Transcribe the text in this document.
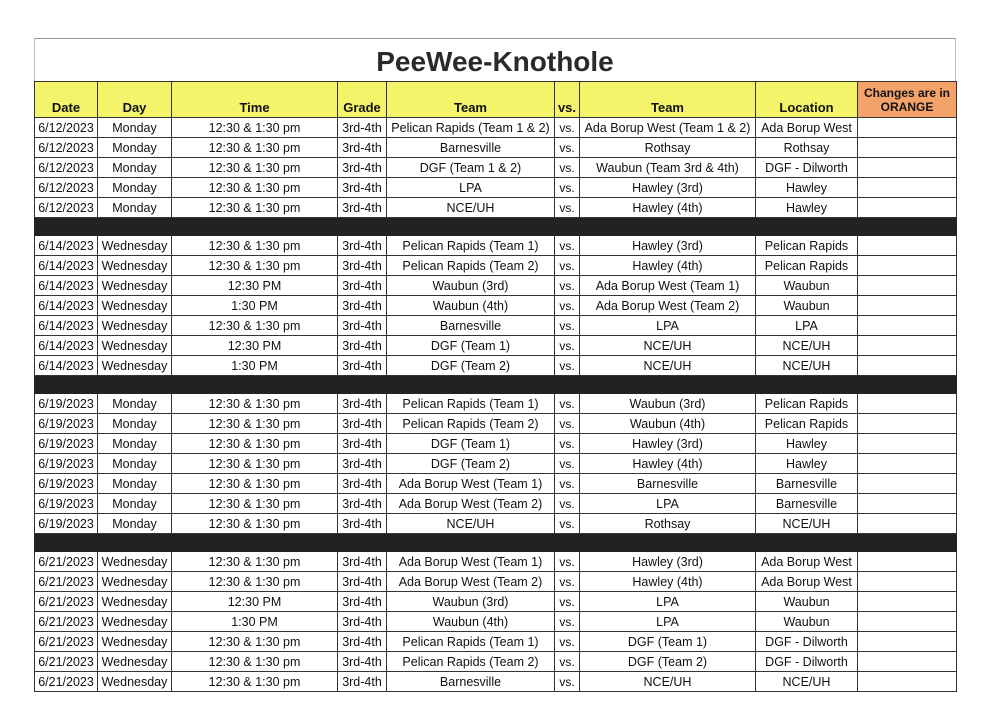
PeeWee-Knothole
Date	Day	Time	Grade	Team	vs.	Team	Location	Changes are in
ORANGE
6/12/2023	Monday	12:30 & 1:30 pm	3rd-4th	Pelican Rapids (Team 1 & 2)	vs.	Ada Borup West (Team 1 & 2)	Ada Borup West	
6/12/2023	Monday	12:30 & 1:30 pm	3rd-4th	Barnesville	vs.	Rothsay	Rothsay	
6/12/2023	Monday	12:30 & 1:30 pm	3rd-4th	DGF (Team 1 & 2)	vs.	Waubun (Team 3rd & 4th)	DGF - Dilworth	
6/12/2023	Monday	12:30 & 1:30 pm	3rd-4th	LPA	vs.	Hawley (3rd)	Hawley	
6/12/2023	Monday	12:30 & 1:30 pm	3rd-4th	NCE/UH	vs.	Hawley (4th)	Hawley	

6/14/2023	Wednesday	12:30 & 1:30 pm	3rd-4th	Pelican Rapids (Team 1)	vs.	Hawley (3rd)	Pelican Rapids	
6/14/2023	Wednesday	12:30 & 1:30 pm	3rd-4th	Pelican Rapids (Team 2)	vs.	Hawley (4th)	Pelican Rapids	
6/14/2023	Wednesday	12:30 PM	3rd-4th	Waubun (3rd)	vs.	Ada Borup West (Team 1)	Waubun	
6/14/2023	Wednesday	1:30 PM	3rd-4th	Waubun (4th)	vs.	Ada Borup West (Team 2)	Waubun	
6/14/2023	Wednesday	12:30 & 1:30 pm	3rd-4th	Barnesville	vs.	LPA	LPA	
6/14/2023	Wednesday	12:30 PM	3rd-4th	DGF (Team 1)	vs.	NCE/UH	NCE/UH	
6/14/2023	Wednesday	1:30 PM	3rd-4th	DGF (Team 2)	vs.	NCE/UH	NCE/UH	

6/19/2023	Monday	12:30 & 1:30 pm	3rd-4th	Pelican Rapids (Team 1)	vs.	Waubun (3rd)	Pelican Rapids	
6/19/2023	Monday	12:30 & 1:30 pm	3rd-4th	Pelican Rapids (Team 2)	vs.	Waubun (4th)	Pelican Rapids	
6/19/2023	Monday	12:30 & 1:30 pm	3rd-4th	DGF (Team 1)	vs.	Hawley (3rd)	Hawley	
6/19/2023	Monday	12:30 & 1:30 pm	3rd-4th	DGF (Team 2)	vs.	Hawley (4th)	Hawley	
6/19/2023	Monday	12:30 & 1:30 pm	3rd-4th	Ada Borup West (Team 1)	vs.	Barnesville	Barnesville	
6/19/2023	Monday	12:30 & 1:30 pm	3rd-4th	Ada Borup West (Team 2)	vs.	LPA	Barnesville	
6/19/2023	Monday	12:30 & 1:30 pm	3rd-4th	NCE/UH	vs.	Rothsay	NCE/UH	

6/21/2023	Wednesday	12:30 & 1:30 pm	3rd-4th	Ada Borup West (Team 1)	vs.	Hawley (3rd)	Ada Borup West	
6/21/2023	Wednesday	12:30 & 1:30 pm	3rd-4th	Ada Borup West (Team 2)	vs.	Hawley (4th)	Ada Borup West	
6/21/2023	Wednesday	12:30 PM	3rd-4th	Waubun (3rd)	vs.	LPA	Waubun	
6/21/2023	Wednesday	1:30 PM	3rd-4th	Waubun (4th)	vs.	LPA	Waubun	
6/21/2023	Wednesday	12:30 & 1:30 pm	3rd-4th	Pelican Rapids (Team 1)	vs.	DGF (Team 1)	DGF - Dilworth	
6/21/2023	Wednesday	12:30 & 1:30 pm	3rd-4th	Pelican Rapids (Team 2)	vs.	DGF (Team 2)	DGF - Dilworth	
6/21/2023	Wednesday	12:30 & 1:30 pm	3rd-4th	Barnesville	vs.	NCE/UH	NCE/UH	
